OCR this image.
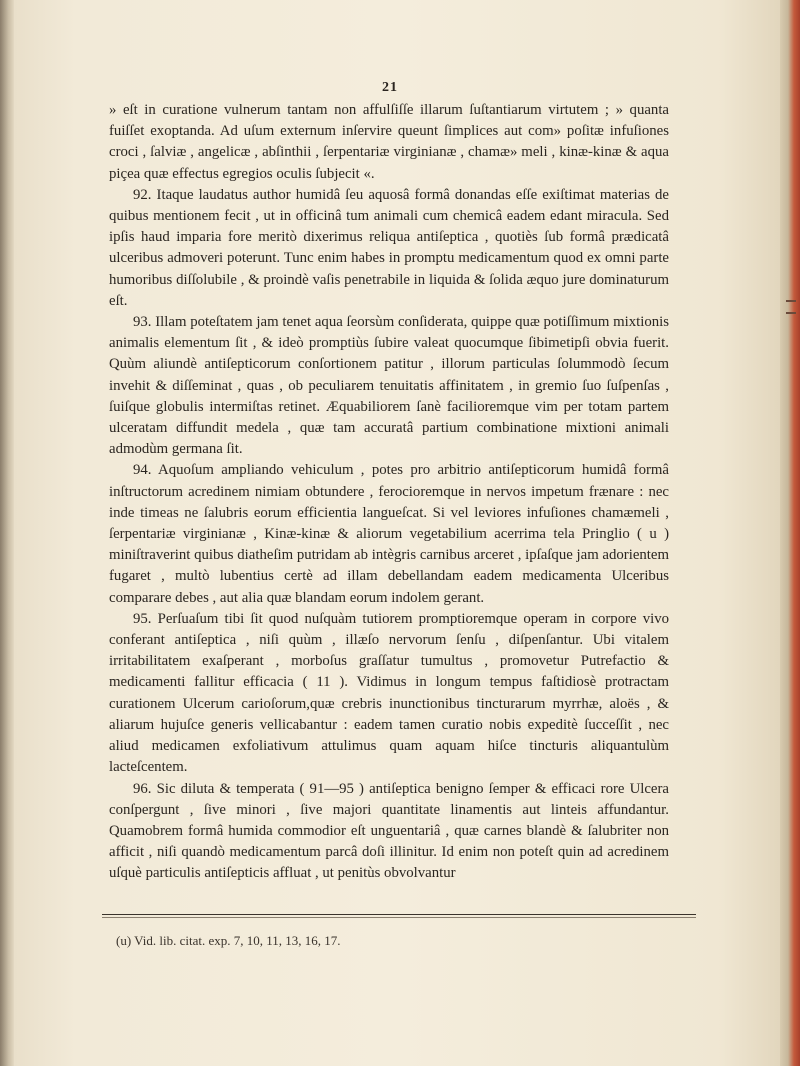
21

» eſt in curatione vulnerum tantam non affulſiſſe illarum ſuſtantiarum virtutem ; » quanta fuiſſet exoptanda. Ad uſum externum inſervire queunt ſimplices aut com» poſitæ infuſiones croci , ſalviæ , angelicæ , abſinthii , ſerpentariæ virginianæ , chamæ» meli , kinæ-kinæ & aqua piçea quæ effectus egregios oculis ſubjecit «.

92. Itaque laudatus author humidâ ſeu aquosâ formâ donandas eſſe exiſtimat materias de quibus mentionem fecit , ut in officinâ tum animali cum chemicâ eadem edant miracula. Sed ipſis haud imparia fore meritò dixerimus reliqua antiſeptica , quotiès ſub formâ prædicatâ ulceribus admoveri poterunt. Tunc enim habes in promptu medicamentum quod ex omni parte humoribus diſſolubile , & proindè vaſis penetrabile in liquida & ſolida æquo jure dominaturum eſt.

93. Illam poteſtatem jam tenet aqua ſeorsùm conſiderata, quippe quæ potiſſimum mixtionis animalis elementum ſit , & ideò promptiùs ſubire valeat quocumque ſibimetipſi obvia fuerit. Quùm aliundè antiſepticorum conſortionem patitur , illorum particulas ſolummodò ſecum invehit & diſſeminat , quas , ob peculiarem tenuitatis affinitatem , in gremio ſuo ſuſpenſas , ſuiſque globulis intermiſtas retinet. Æquabiliorem ſanè facilioremque vim per totam partem ulceratam diffundit medela , quæ tam accuratâ partium combinatione mixtioni animali admodùm germana ſit.

94. Aquoſum ampliando vehiculum , potes pro arbitrio antiſepticorum humidâ formâ inſtructorum acredinem nimiam obtundere , ferocioremque in nervos impetum frænare : nec inde timeas ne ſalubris eorum efficientia langueſcat. Si vel leviores infuſiones chamæmeli , ſerpentariæ virginianæ , Kinæ-kinæ & aliorum vegetabilium acerrima tela Pringlio ( u ) miniſtraverint quibus diatheſim putridam ab intègris carnibus arceret , ipſaſque jam adorientem fugaret , multò lubentius certè ad illam debellandam eadem medicamenta Ulceribus comparare debes , aut alia quæ blandam eorum indolem gerant.

95. Perſuaſum tibi ſit quod nuſquàm tutiorem promptioremque operam in corpore vivo conferant antiſeptica , niſi quùm , illæſo nervorum ſenſu , diſpenſantur. Ubi vitalem irritabilitatem exaſperant , morboſus graſſatur tumultus , promovetur Putrefactio & medicamenti fallitur efficacia ( 11 ). Vidimus in longum tempus faſtidiosè protractam curationem Ulcerum carioſorum,quæ crebris inunctionibus tincturarum myrrhæ, aloës , & aliarum hujuſce generis vellicabantur : eadem tamen curatio nobis expeditè ſucceſſit , nec aliud medicamen exfoliativum attulimus quam aquam hiſce tincturis aliquantulùm lacteſcentem.

96. Sic diluta & temperata ( 91—95 ) antiſeptica benigno ſemper & efficaci rore Ulcera conſpergunt , ſive minori , ſive majori quantitate linamentis aut linteis affundantur. Quamobrem formâ humida commodior eſt unguentariâ , quæ carnes blandè & ſalubriter non afficit , niſi quandò medicamentum parcâ doſi illinitur. Id enim non poteſt quin ad acredinem uſquè particulis antiſepticis affluat , ut penitùs obvolvantur

(u) Vid. lib. citat. exp. 7, 10, 11, 13, 16, 17.
